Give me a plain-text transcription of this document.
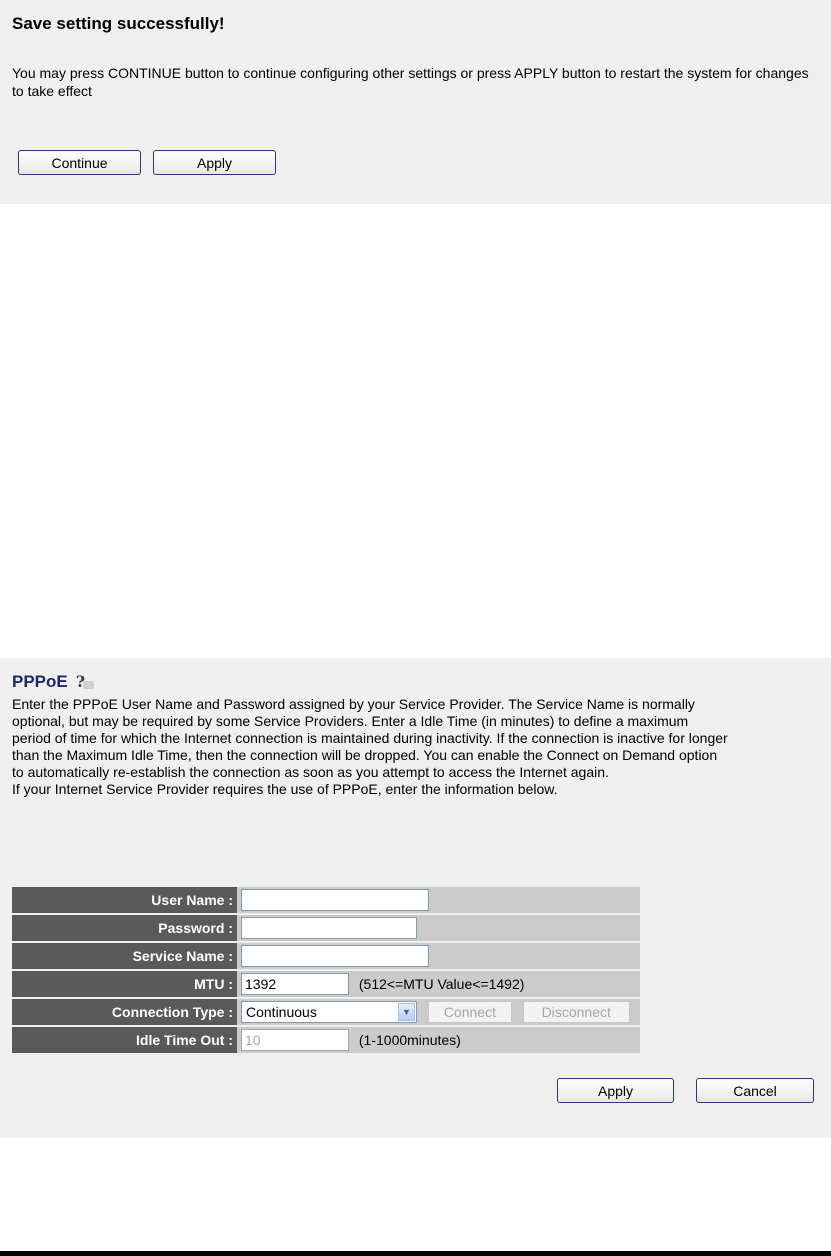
Save setting successfully!
You may press CONTINUE button to continue configuring other settings or press APPLY button to restart the system for changes to take effect
Continue	Apply
PPPoE ?
Enter the PPPoE User Name and Password assigned by your Service Provider. The Service Name is normally
optional, but may be required by some Service Providers. Enter a Idle Time (in minutes) to define a maximum
period of time for which the Internet connection is maintained during inactivity. If the connection is inactive for longer
than the Maximum Idle Time, then the connection will be dropped. You can enable the Connect on Demand option
to automatically re-establish the connection as soon as you attempt to access the Internet again.
If your Internet Service Provider requires the use of PPPoE, enter the information below.
User Name :	
Password :	
Service Name :	
MTU :	1392(512<=MTU Value<=1492)
Connection Type :	Continuous ▼ Connect Disconnect
Idle Time Out :	10(1-1000minutes)
Apply	Cancel
